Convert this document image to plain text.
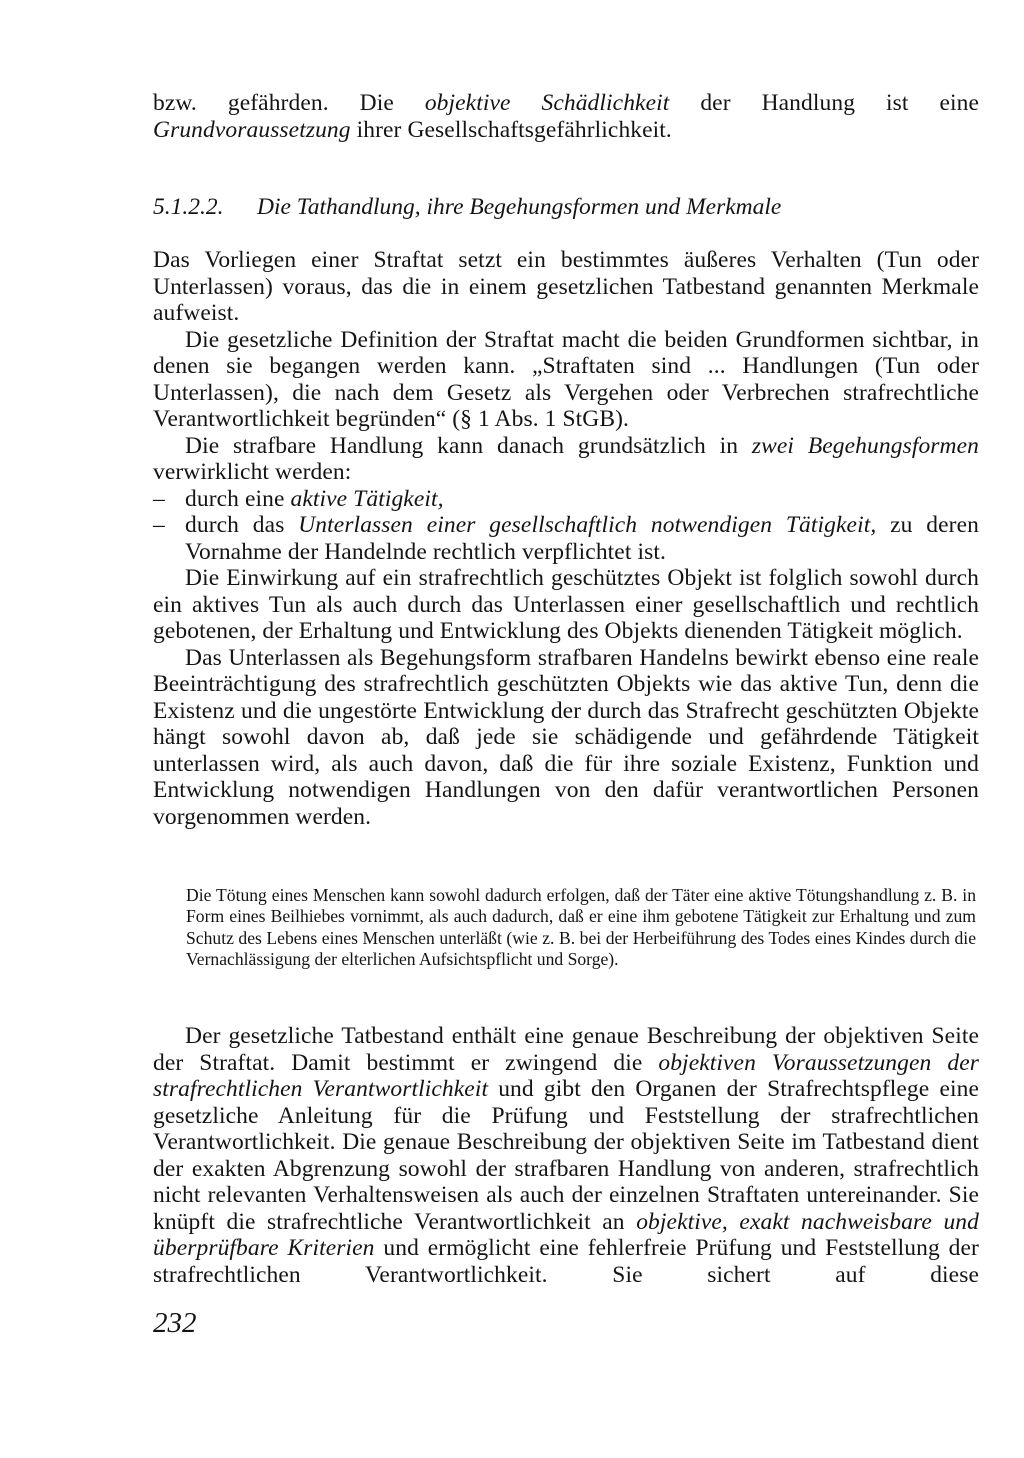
bzw. gefährden. Die objektive Schädlichkeit der Handlung ist eine Grundvoraussetzung ihrer Gesellschaftsgefährlichkeit.

5.1.2.2. Die Tathandlung, ihre Begehungsformen und Merkmale

Das Vorliegen einer Straftat setzt ein bestimmtes äußeres Verhalten (Tun oder Unterlassen) voraus, das die in einem gesetzlichen Tatbestand genannten Merkmale aufweist.

Die gesetzliche Definition der Straftat macht die beiden Grundformen sichtbar, in denen sie begangen werden kann. „Straftaten sind ... Handlungen (Tun oder Unterlassen), die nach dem Gesetz als Vergehen oder Verbrechen strafrechtliche Verantwortlichkeit begründen“ (§ 1 Abs. 1 StGB).

Die strafbare Handlung kann danach grundsätzlich in zwei Begehungsformen verwirklicht werden:

– durch eine aktive Tätigkeit,
– durch das Unterlassen einer gesellschaftlich notwendigen Tätigkeit, zu deren Vornahme der Handelnde rechtlich verpflichtet ist.

Die Einwirkung auf ein strafrechtlich geschütztes Objekt ist folglich sowohl durch ein aktives Tun als auch durch das Unterlassen einer gesellschaftlich und rechtlich gebotenen, der Erhaltung und Entwicklung des Objekts dienenden Tätigkeit möglich.

Das Unterlassen als Begehungsform strafbaren Handelns bewirkt ebenso eine reale Beeinträchtigung des strafrechtlich geschützten Objekts wie das aktive Tun, denn die Existenz und die ungestörte Entwicklung der durch das Strafrecht geschützten Objekte hängt sowohl davon ab, daß jede sie schädigende und gefährdende Tätigkeit unterlassen wird, als auch davon, daß die für ihre soziale Existenz, Funktion und Entwicklung notwendigen Handlungen von den dafür verantwortlichen Personen vorgenommen werden.

Die Tötung eines Menschen kann sowohl dadurch erfolgen, daß der Täter eine aktive Tötungshandlung z. B. in Form eines Beilhiebes vornimmt, als auch dadurch, daß er eine ihm gebotene Tätigkeit zur Erhaltung und zum Schutz des Lebens eines Menschen unterläßt (wie z. B. bei der Herbeiführung des Todes eines Kindes durch die Vernachlässigung der elterlichen Aufsichtspflicht und Sorge).

Der gesetzliche Tatbestand enthält eine genaue Beschreibung der objektiven Seite der Straftat. Damit bestimmt er zwingend die objektiven Voraussetzungen der strafrechtlichen Verantwortlichkeit und gibt den Organen der Strafrechtspflege eine gesetzliche Anleitung für die Prüfung und Feststellung der strafrechtlichen Verantwortlichkeit. Die genaue Beschreibung der objektiven Seite im Tatbestand dient der exakten Abgrenzung sowohl der strafbaren Handlung von anderen, strafrechtlich nicht relevanten Verhaltensweisen als auch der einzelnen Straftaten untereinander. Sie knüpft die strafrechtliche Verantwortlichkeit an objektive, exakt nachweisbare und überprüfbare Kriterien und ermöglicht eine fehlerfreie Prüfung und Feststellung der strafrechtlichen Verantwortlichkeit. Sie sichert auf diese

232
